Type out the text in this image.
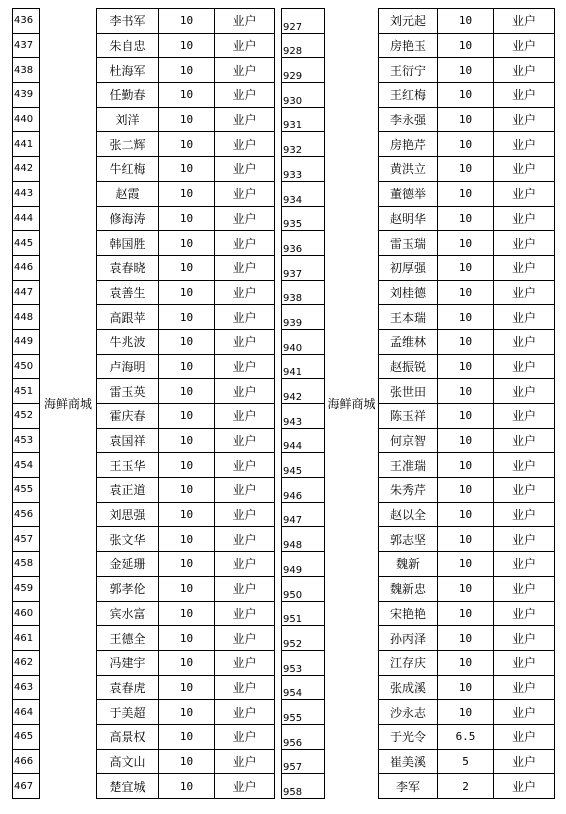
436	海鲜商城	李书军	10	业户
437		朱自忠	10	业户
438		杜海军	10	业户
439		任勤春	10	业户
440		刘洋	10	业户
441		张二辉	10	业户
442		牛红梅	10	业户
443		赵霞	10	业户
444		修海涛	10	业户
445		韩国胜	10	业户
446		袁春晓	10	业户
447		袁善生	10	业户
448		高跟苹	10	业户
449		牛兆波	10	业户
450		卢海明	10	业户
451		雷玉英	10	业户
452		霍庆春	10	业户
453		袁国祥	10	业户
454		王玉华	10	业户
455		袁正道	10	业户
456		刘思强	10	业户
457		张文华	10	业户
458		金延珊	10	业户
459		郭孝伦	10	业户
460		宾水富	10	业户
461		王德全	10	业户
462		冯建宇	10	业户
463		袁春虎	10	业户
464		于美超	10	业户
465		高景权	10	业户
466		高文山	10	业户
467		楚宜城	10	业户
927	海鲜商城	刘元起	10	业户
928		房艳玉	10	业户
929		王衍宁	10	业户
930		王红梅	10	业户
931		李永强	10	业户
932		房艳芹	10	业户
933		黄洪立	10	业户
934		董德举	10	业户
935		赵明华	10	业户
936		雷玉瑞	10	业户
937		初厚强	10	业户
938		刘桂德	10	业户
939		王本瑞	10	业户
940		孟维林	10	业户
941		赵振锐	10	业户
942		张世田	10	业户
943		陈玉祥	10	业户
944		何京智	10	业户
945		王准瑞	10	业户
946		朱秀芹	10	业户
947		赵以全	10	业户
948		郭志坚	10	业户
949		魏新	10	业户
950		魏新忠	10	业户
951		宋艳艳	10	业户
952		孙丙泽	10	业户
953		江存庆	10	业户
954		张成溪	10	业户
955		沙永志	10	业户
956		于光令	6.5	业户
957		崔美溪	5	业户
958		李军	2	业户
